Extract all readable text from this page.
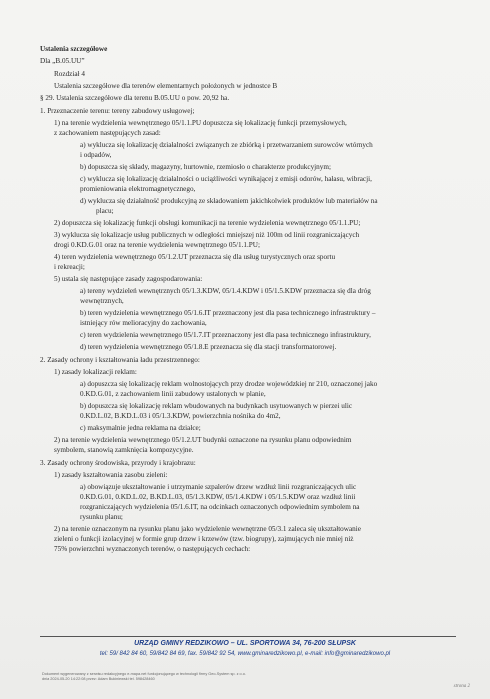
Ustalenia szczegółowe
Dla „B.05.UU”
Rozdział 4
Ustalenia szczegółowe dla terenów elementarnych położonych w jednostce B
§ 29. Ustalenia szczegółowe dla terenu B.05.UU o pow. 20,92 ha.
1. Przeznaczenie terenu: tereny zabudowy usługowej;
1) na terenie wydzielenia wewnętrznego 05/1.1.PU dopuszcza się lokalizację funkcji przemysłowych,
z zachowaniem następujących zasad:
a) wyklucza się lokalizację działalności związanych ze zbiórką i przetwarzaniem surowców wtórnych
i odpadów,
b) dopuszcza się składy, magazyny, hurtownie, rzemiosło o charakterze produkcyjnym;
c) wyklucza się lokalizację działalności o uciążliwości wynikającej z emisji odorów, hałasu, wibracji,
promieniowania elektromagnetycznego,
d) wyklucza się działalność produkcyjną ze składowaniem jakichkolwiek produktów lub materiałów na
placu;
2) dopuszcza się lokalizację funkcji obsługi komunikacji na terenie wydzielenia wewnętrznego 05/1.1.PU;
3) wyklucza się lokalizacje usług publicznych w odległości mniejszej niż 100m od linii rozgraniczających
drogi 0.KD.G.01 oraz na terenie wydzielenia wewnętrznego 05/1.1.PU;
4) teren wydzielenia wewnętrznego 05/1.2.UT przeznacza się dla usług turystycznych oraz sportu
i rekreacji;
5) ustala się następujące zasady zagospodarowania:
a) tereny wydzieleń wewnętrznych 05/1.3.KDW, 05/1.4.KDW i 05/1.5.KDW przeznacza się dla dróg
wewnętrznych,
b) teren wydzielenia wewnętrznego 05/1.6.IT przeznaczony jest dla pasa technicznego infrastruktury –
istniejący rów melioracyjny do zachowania,
c) teren wydzielenia wewnętrznego 05/1.7.IT przeznaczony jest dla pasa technicznego infrastruktury,
d) teren wydzielenia wewnętrznego 05/1.8.E przeznacza się dla stacji transformatorowej.
2. Zasady ochrony i kształtowania ładu przestrzennego:
1) zasady lokalizacji reklam:
a) dopuszcza się lokalizację reklam wolnostojących przy drodze wojewódzkiej nr 210, oznaczonej jako
0.KD.G.01, z zachowaniem linii zabudowy ustalonych w planie,
b) dopuszcza się lokalizację reklam wbudowanych na budynkach usytuowanych w pierzei ulic
0.KD.L.02, B.KD.L.03 i 05/1.3.KDW, powierzchnia nośnika do 4m2,
c) maksymalnie jedna reklama na działce;
2) na terenie wydzielenia wewnętrznego 05/1.2.UT budynki oznaczone na rysunku planu odpowiednim
symbolem, stanowią zamknięcia kompozycyjne.
3. Zasady ochrony środowiska, przyrody i krajobrazu:
1) zasady kształtowania zasobu zieleni:
a) obowiązuje ukształtowanie i utrzymanie szpalerów drzew wzdłuż linii rozgraniczających ulic
0.KD.G.01, 0.KD.L.02, B.KD.L.03, 05/1.3.KDW, 05/1.4.KDW i 05/1.5.KDW oraz wzdłuż linii
rozgraniczających wydzielenia 05/1.6.IT, na odcinkach oznaczonych odpowiednim symbolem na
rysunku planu;
2) na terenie oznaczonym na rysunku planu jako wydzielenie wewnętrzne 05/3.1 zaleca się ukształtowanie
zieleni o funkcji izolacyjnej w formie grup drzew i krzewów (tzw. biogrupy), zajmujących nie mniej niż
75% powierzchni wyznaczonych terenów, o następujących cechach:
URZĄD GMINY REDZIKOWO – UL. SPORTOWA 34, 76-200 SŁUPSK
tel: 59/ 842 84 60, 59/842 84 69, fax. 59/842 92 54, www.gminaredzikowo.pl, e-mail: info@gminaredzikowo.pl
Dokument wygenerowany z serwisu redakcyjnego e-mapa.net funkcjonującego w technologii firmy Geo-System sp. z o.o.
dnia 2024-05-20 14:22:08 przez: Adam Bukiniewski tel. 598428460
strona 2
